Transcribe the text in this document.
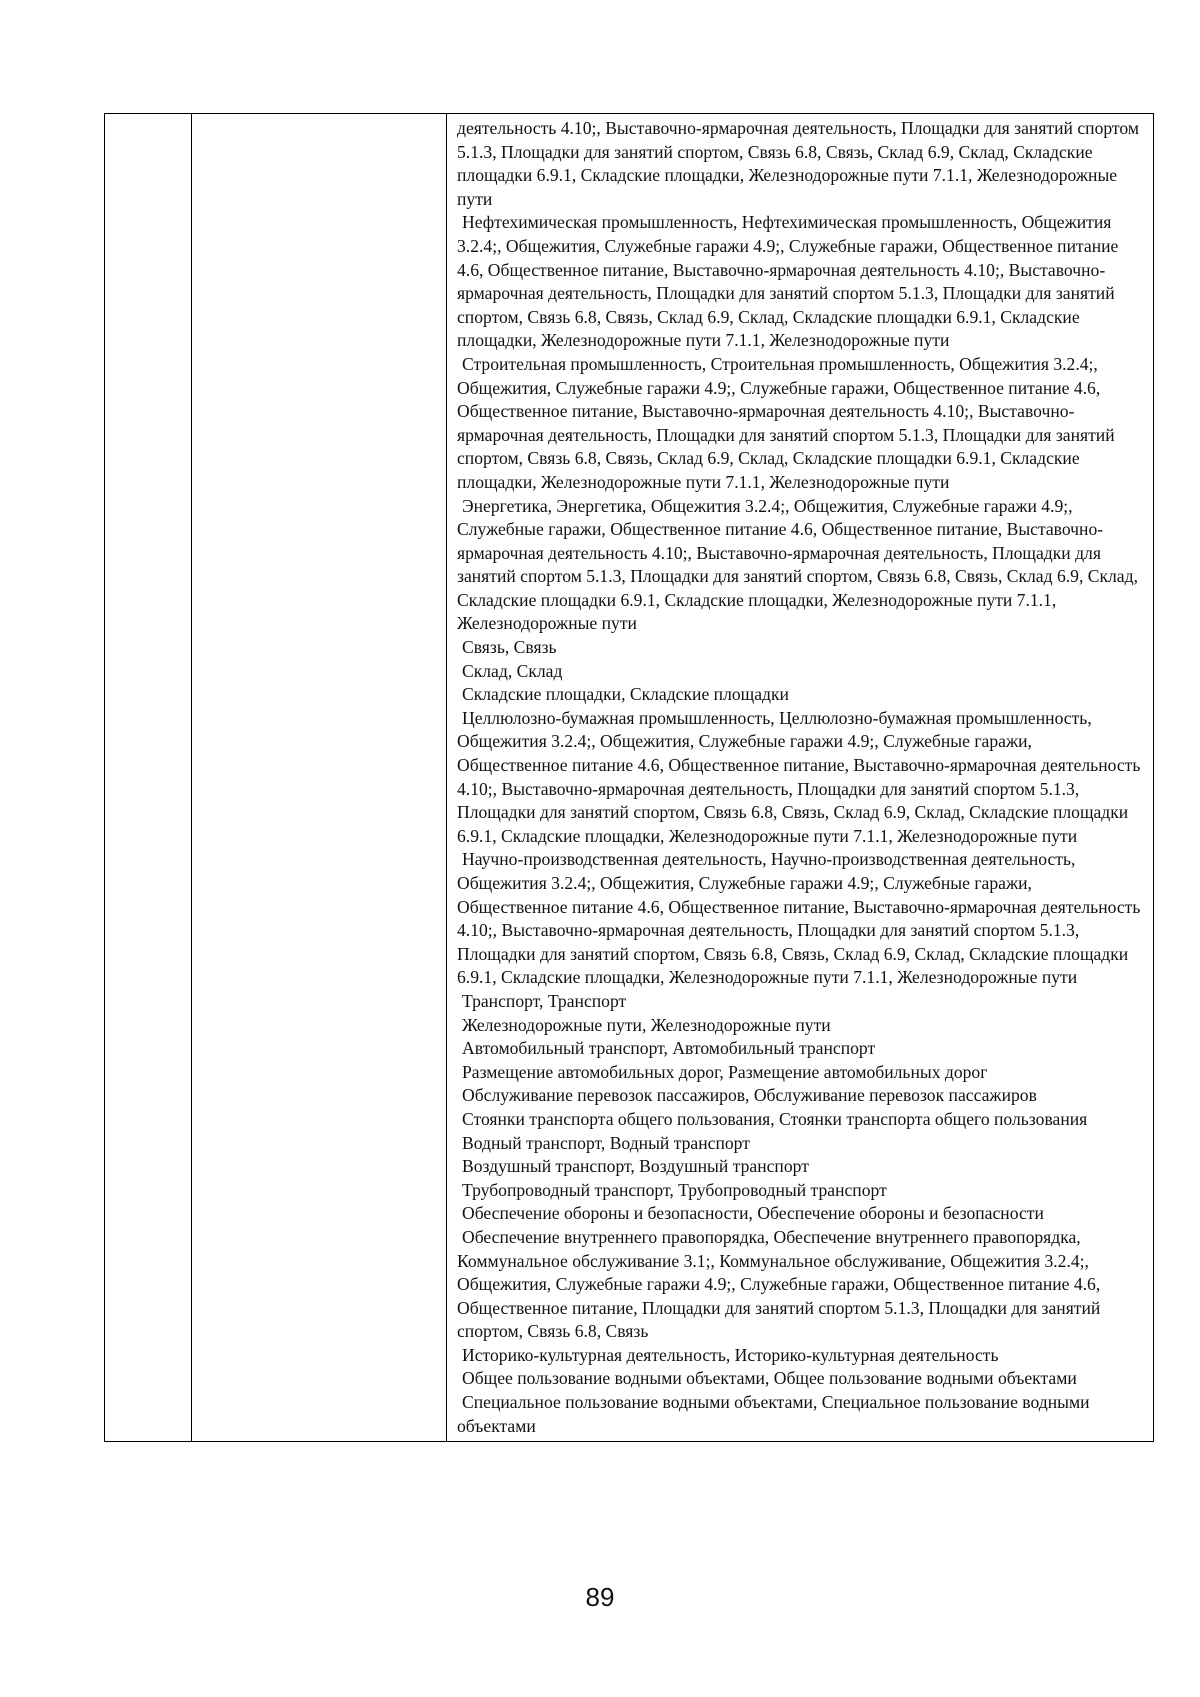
деятельность 4.10;, Выставочно-ярмарочная деятельность, Площадки для занятий спортом 5.1.3, Площадки для занятий спортом, Связь 6.8, Связь, Склад 6.9, Склад, Складские площадки 6.9.1, Складские площадки, Железнодорожные пути 7.1.1, Железнодорожные пути
Нефтехимическая промышленность, Нефтехимическая промышленность, Общежития 3.2.4;, Общежития, Служебные гаражи 4.9;, Служебные гаражи, Общественное питание 4.6, Общественное питание, Выставочно-ярмарочная деятельность 4.10;, Выставочно-ярмарочная деятельность, Площадки для занятий спортом 5.1.3, Площадки для занятий спортом, Связь 6.8, Связь, Склад 6.9, Склад, Складские площадки 6.9.1, Складские площадки, Железнодорожные пути 7.1.1, Железнодорожные пути
Строительная промышленность, Строительная промышленность, Общежития 3.2.4;, Общежития, Служебные гаражи 4.9;, Служебные гаражи, Общественное питание 4.6, Общественное питание, Выставочно-ярмарочная деятельность 4.10;, Выставочно-ярмарочная деятельность, Площадки для занятий спортом 5.1.3, Площадки для занятий спортом, Связь 6.8, Связь, Склад 6.9, Склад, Складские площадки 6.9.1, Складские площадки, Железнодорожные пути 7.1.1, Железнодорожные пути
Энергетика, Энергетика, Общежития 3.2.4;, Общежития, Служебные гаражи 4.9;, Служебные гаражи, Общественное питание 4.6, Общественное питание, Выставочно-ярмарочная деятельность 4.10;, Выставочно-ярмарочная деятельность, Площадки для занятий спортом 5.1.3, Площадки для занятий спортом, Связь 6.8, Связь, Склад 6.9, Склад, Складские площадки 6.9.1, Складские площадки, Железнодорожные пути 7.1.1, Железнодорожные пути
Связь, Связь
Склад, Склад
Складские площадки, Складские площадки
Целлюлозно-бумажная промышленность, Целлюлозно-бумажная промышленность, Общежития 3.2.4;, Общежития, Служебные гаражи 4.9;, Служебные гаражи, Общественное питание 4.6, Общественное питание, Выставочно-ярмарочная деятельность 4.10;, Выставочно-ярмарочная деятельность, Площадки для занятий спортом 5.1.3, Площадки для занятий спортом, Связь 6.8, Связь, Склад 6.9, Склад, Складские площадки 6.9.1, Складские площадки, Железнодорожные пути 7.1.1, Железнодорожные пути
Научно-производственная деятельность, Научно-производственная деятельность, Общежития 3.2.4;, Общежития, Служебные гаражи 4.9;, Служебные гаражи, Общественное питание 4.6, Общественное питание, Выставочно-ярмарочная деятельность 4.10;, Выставочно-ярмарочная деятельность, Площадки для занятий спортом 5.1.3, Площадки для занятий спортом, Связь 6.8, Связь, Склад 6.9, Склад, Складские площадки 6.9.1, Складские площадки, Железнодорожные пути 7.1.1, Железнодорожные пути
Транспорт, Транспорт
Железнодорожные пути, Железнодорожные пути
Автомобильный транспорт, Автомобильный транспорт
Размещение автомобильных дорог, Размещение автомобильных дорог
Обслуживание перевозок пассажиров, Обслуживание перевозок пассажиров
Стоянки транспорта общего пользования, Стоянки транспорта общего пользования
Водный транспорт, Водный транспорт
Воздушный транспорт, Воздушный транспорт
Трубопроводный транспорт, Трубопроводный транспорт
Обеспечение обороны и безопасности, Обеспечение обороны и безопасности
Обеспечение внутреннего правопорядка, Обеспечение внутреннего правопорядка, Коммунальное обслуживание 3.1;, Коммунальное обслуживание, Общежития 3.2.4;, Общежития, Служебные гаражи 4.9;, Служебные гаражи, Общественное питание 4.6, Общественное питание, Площадки для занятий спортом 5.1.3, Площадки для занятий спортом, Связь 6.8, Связь
Историко-культурная деятельность, Историко-культурная деятельность
Общее пользование водными объектами, Общее пользование водными объектами
Специальное пользование водными объектами, Специальное пользование водными объектами
89
